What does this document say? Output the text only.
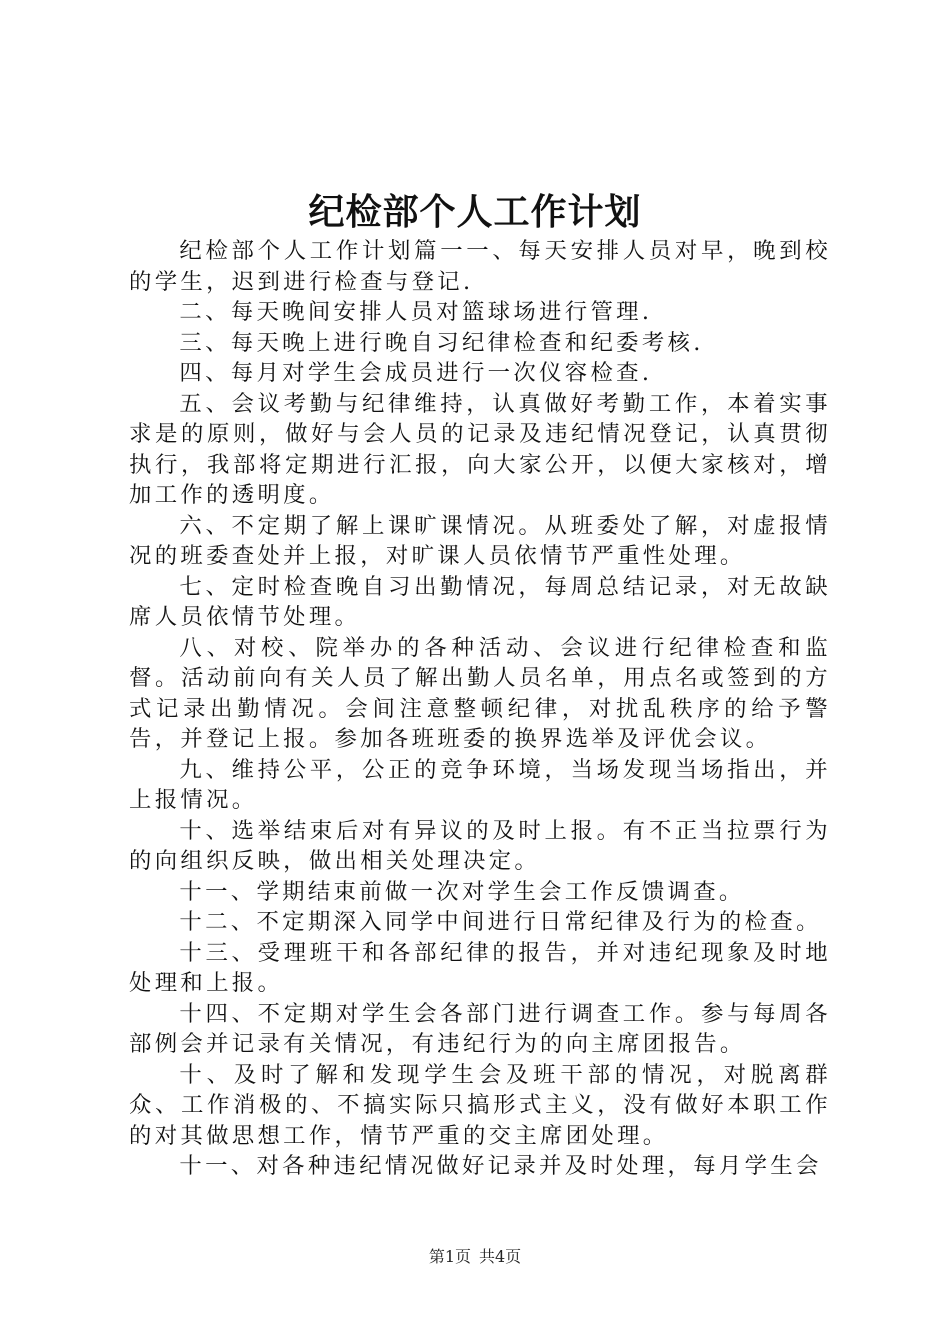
纪检部个人工作计划

纪检部个人工作计划篇一一、每天安排人员对早，晚到校的学生，迟到进行检查与登记.

二、每天晚间安排人员对篮球场进行管理.

三、每天晚上进行晚自习纪律检查和纪委考核.

四、每月对学生会成员进行一次仪容检查.

五、会议考勤与纪律维持，认真做好考勤工作，本着实事求是的原则，做好与会人员的记录及违纪情况登记，认真贯彻执行，我部将定期进行汇报，向大家公开，以便大家核对，增加工作的透明度。

六、不定期了解上课旷课情况。从班委处了解，对虚报情况的班委查处并上报，对旷课人员依情节严重性处理。

七、定时检查晚自习出勤情况，每周总结记录，对无故缺席人员依情节处理。

八、对校、院举办的各种活动、会议进行纪律检查和监督。活动前向有关人员了解出勤人员名单，用点名或签到的方式记录出勤情况。会间注意整顿纪律，对扰乱秩序的给予警告，并登记上报。参加各班班委的换界选举及评优会议。

九、维持公平，公正的竞争环境，当场发现当场指出，并上报情况。

十、选举结束后对有异议的及时上报。有不正当拉票行为的向组织反映，做出相关处理决定。

十一、学期结束前做一次对学生会工作反馈调查。

十二、不定期深入同学中间进行日常纪律及行为的检查。

十三、受理班干和各部纪律的报告，并对违纪现象及时地处理和上报。

十四、不定期对学生会各部门进行调查工作。参与每周各部例会并记录有关情况，有违纪行为的向主席团报告。

十、及时了解和发现学生会及班干部的情况，对脱离群众、工作消极的、不搞实际只搞形式主义，没有做好本职工作的对其做思想工作，情节严重的交主席团处理。

十一、对各种违纪情况做好记录并及时处理，每月学生会

第1页 共4页
